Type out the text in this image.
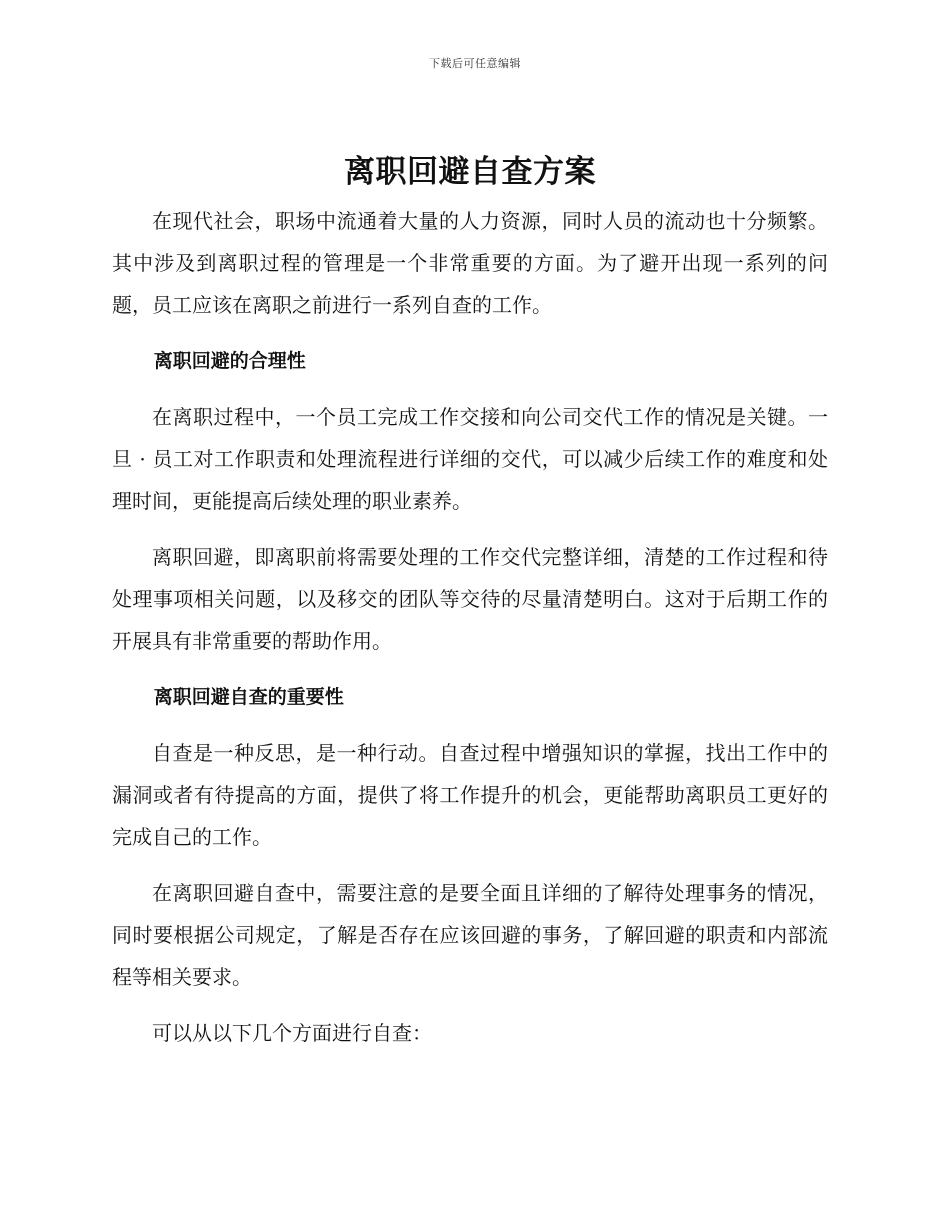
下载后可任意编辑
离职回避自查方案

在现代社会，职场中流通着大量的人力资源，同时人员的流动也十分频繁。其中涉及到离职过程的管理是一个非常重要的方面。为了避开出现一系列的问题，员工应该在离职之前进行一系列自查的工作。

离职回避的合理性

在离职过程中，一个员工完成工作交接和向公司交代工作的情况是关键。一旦 · 员工对工作职责和处理流程进行详细的交代，可以减少后续工作的难度和处理时间，更能提高后续处理的职业素养。

离职回避，即离职前将需要处理的工作交代完整详细，清楚的工作过程和待处理事项相关问题，以及移交的团队等交待的尽量清楚明白。这对于后期工作的开展具有非常重要的帮助作用。

离职回避自查的重要性

自查是一种反思，是一种行动。自查过程中增强知识的掌握，找出工作中的漏洞或者有待提高的方面，提供了将工作提升的机会，更能帮助离职员工更好的完成自己的工作。

在离职回避自查中，需要注意的是要全面且详细的了解待处理事务的情况，同时要根据公司规定，了解是否存在应该回避的事务，了解回避的职责和内部流程等相关要求。

可以从以下几个方面进行自查：
